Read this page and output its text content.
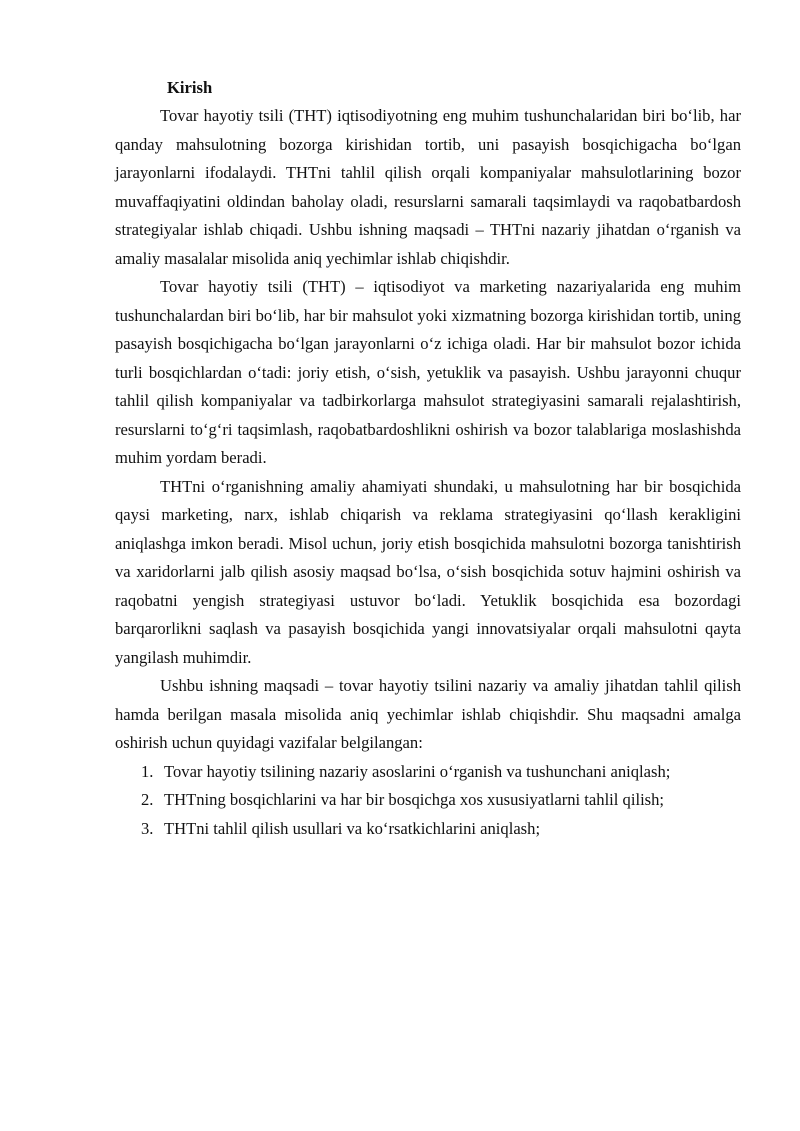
Kirish

Tovar hayotiy tsili (THT) iqtisodiyotning eng muhim tushunchalaridan biri bo‘lib, har qanday mahsulotning bozorga kirishidan tortib, uni pasayish bosqichigacha bo‘lgan jarayonlarni ifodalaydi. THTni tahlil qilish orqali kompaniyalar mahsulotlarining bozor muvaffaqiyatini oldindan baholay oladi, resurslarni samarali taqsimlaydi va raqobatbardosh strategiyalar ishlab chiqadi. Ushbu ishning maqsadi – THTni nazariy jihatdan o‘rganish va amaliy masalalar misolida aniq yechimlar ishlab chiqishdir.

Tovar hayotiy tsili (THT) – iqtisodiyot va marketing nazariyalarida eng muhim tushunchalardan biri bo‘lib, har bir mahsulot yoki xizmatning bozorga kirishidan tortib, uning pasayish bosqichigacha bo‘lgan jarayonlarni o‘z ichiga oladi. Har bir mahsulot bozor ichida turli bosqichlardan o‘tadi: joriy etish, o‘sish, yetuklik va pasayish. Ushbu jarayonni chuqur tahlil qilish kompaniyalar va tadbirkorlarga mahsulot strategiyasini samarali rejalashtirish, resurslarni to‘g‘ri taqsimlash, raqobatbardoshlikni oshirish va bozor talablariga moslashishda muhim yordam beradi.

THTni o‘rganishning amaliy ahamiyati shundaki, u mahsulotning har bir bosqichida qaysi marketing, narx, ishlab chiqarish va reklama strategiyasini qo‘llash kerakligini aniqlashga imkon beradi. Misol uchun, joriy etish bosqichida mahsulotni bozorga tanishtirish va xaridorlarni jalb qilish asosiy maqsad bo‘lsa, o‘sish bosqichida sotuv hajmini oshirish va raqobatni yengish strategiyasi ustuvor bo‘ladi. Yetuklik bosqichida esa bozordagi barqarorlikni saqlash va pasayish bosqichida yangi innovatsiyalar orqali mahsulotni qayta yangilash muhimdir.

Ushbu ishning maqsadi – tovar hayotiy tsilini nazariy va amaliy jihatdan tahlil qilish hamda berilgan masala misolida aniq yechimlar ishlab chiqishdir. Shu maqsadni amalga oshirish uchun quyidagi vazifalar belgilangan:

1. Tovar hayotiy tsilining nazariy asoslarini o‘rganish va tushunchani aniqlash;
2. THTning bosqichlarini va har bir bosqichga xos xususiyatlarni tahlil qilish;
3. THTni tahlil qilish usullari va ko‘rsatkichlarini aniqlash;
